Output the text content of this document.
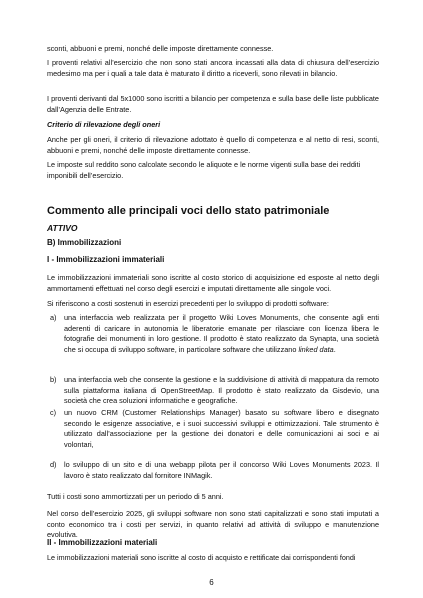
sconti, abbuoni e premi, nonché delle imposte direttamente connesse.

I proventi relativi all’esercizio che non sono stati ancora incassati alla data di chiusura dell’esercizio medesimo ma per i quali a tale data è maturato il diritto a riceverli, sono rilevati in bilancio.

I proventi derivanti dal 5x1000 sono iscritti a bilancio per competenza e sulla base delle liste pubblicate dall’Agenzia delle Entrate.

Criterio di rilevazione degli oneri

Anche per gli oneri, il criterio di rilevazione adottato è quello di competenza e al netto di resi, sconti, abbuoni e premi, nonché delle imposte direttamente connesse.

Le imposte sul reddito sono calcolate secondo le aliquote e le norme vigenti sulla base dei redditi imponibili dell’esercizio.

Commento alle principali voci dello stato patrimoniale
ATTIVO
B) Immobilizzazioni
I - Immobilizzazioni immateriali

Le immobilizzazioni immateriali sono iscritte al costo storico di acquisizione ed esposte al netto degli ammortamenti effettuati nel corso degli esercizi e imputati direttamente alle singole voci.

Si riferiscono a costi sostenuti in esercizi precedenti per lo sviluppo di prodotti software:

a) una interfaccia web realizzata per il progetto Wiki Loves Monuments, che consente agli enti aderenti di caricare in autonomia le liberatorie emanate per rilasciare con licenza libera le fotografie dei monumenti in loro gestione. Il prodotto è stato realizzato da Synapta, una società che si occupa di sviluppo software, in particolare software che utilizzano linked data.
b) una interfaccia web che consente la gestione e la suddivisione di attività di mappatura da remoto sulla piattaforma italiana di OpenStreetMap. Il prodotto è stato realizzato da Gisdevio, una società che crea soluzioni informatiche e geografiche.
c) un nuovo CRM (Customer Relationships Manager) basato su software libero e disegnato secondo le esigenze associative, e i suoi successivi sviluppi e ottimizzazioni. Tale strumento è utilizzato dall’associazione per la gestione dei donatori e delle comunicazioni ai soci e ai volontari,
d) lo sviluppo di un sito e di una webapp pilota per il concorso Wiki Loves Monuments 2023. Il lavoro è stato realizzato dal fornitore INMagik.

Tutti i costi sono ammortizzati per un periodo di 5 anni.

Nel corso dell’esercizio 2025, gli sviluppi software non sono stati capitalizzati e sono stati imputati a conto economico tra i costi per servizi, in quanto relativi ad attività di sviluppo e manutenzione evolutiva.

6
II - Immobilizzazioni materiali

Le immobilizzazioni materiali sono iscritte al costo di acquisto e rettificate dai corrispondenti fondi
